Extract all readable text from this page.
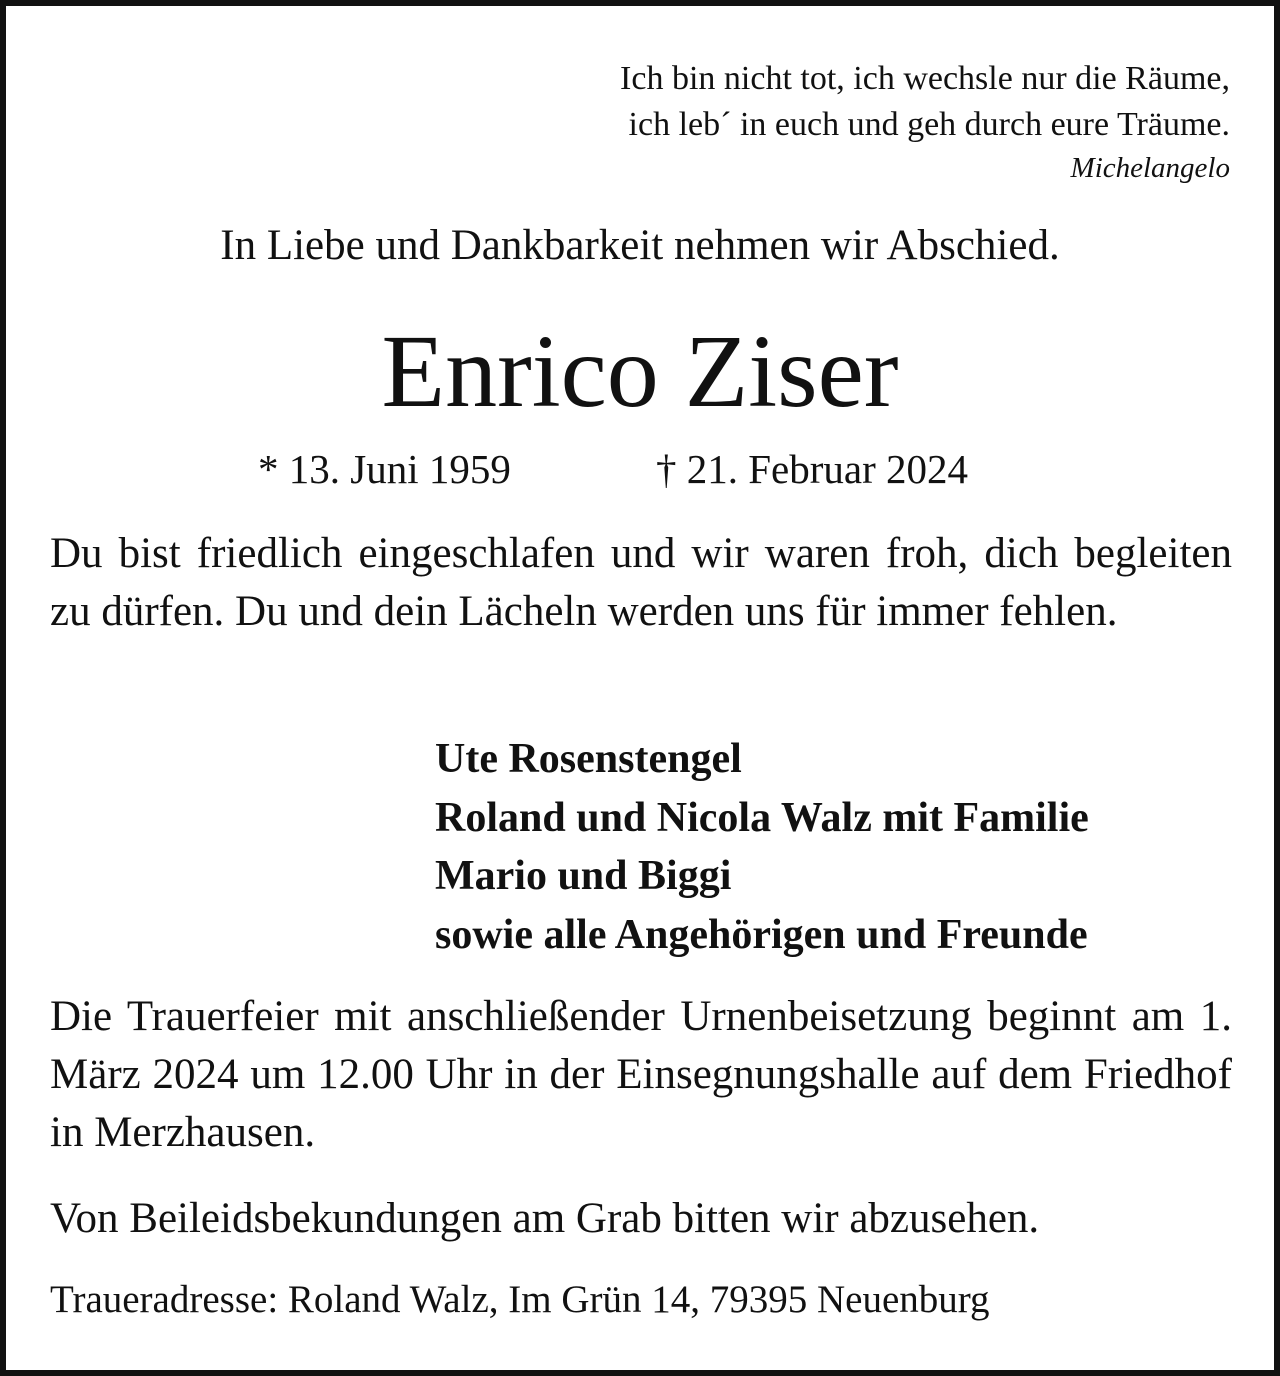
Ich bin nicht tot, ich wechsle nur die Räume,
ich leb´ in euch und geh durch eure Träume.
Michelangelo
In Liebe und Dankbarkeit nehmen wir Abschied.
Enrico Ziser
* 13. Juni 1959	† 21. Februar 2024
Du bist friedlich eingeschlafen und wir waren froh, dich begleiten zu dürfen. Du und dein Lächeln werden uns für immer fehlen.
Ute Rosenstengel
Roland und Nicola Walz mit Familie
Mario und Biggi
sowie alle Angehörigen und Freunde
Die Trauerfeier mit anschließender Urnenbeisetzung beginnt am 1. März 2024 um 12.00 Uhr in der Einsegnungshalle auf dem Friedhof in Merzhausen.
Von Beileidsbekundungen am Grab bitten wir abzusehen.
Traueradresse: Roland Walz, Im Grün 14, 79395 Neuenburg
